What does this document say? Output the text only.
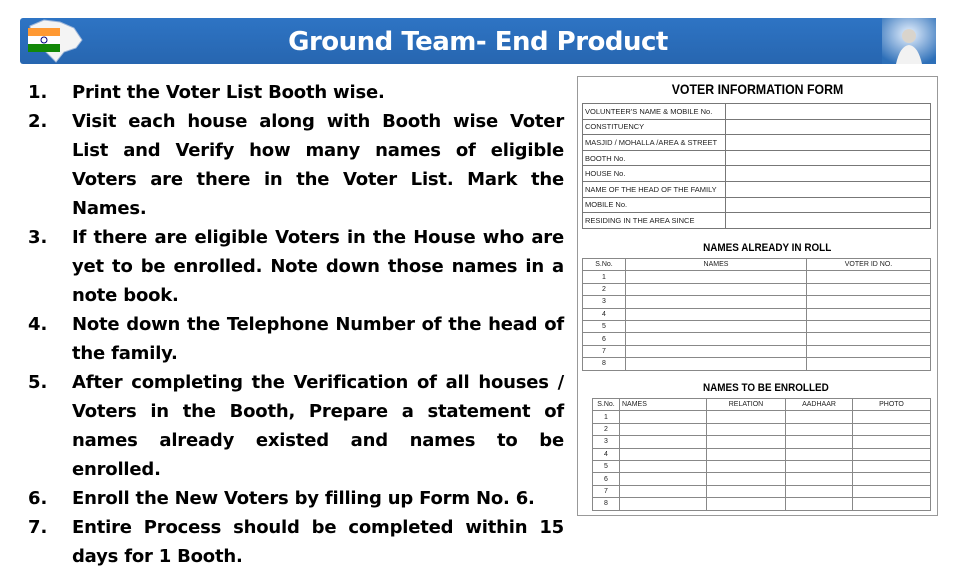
Ground Team- End Product
1. Print the Voter List Booth wise.
2. Visit each house along with Booth wise Voter List and Verify how many names of eligible Voters are there in the Voter List. Mark the Names.
3. If there are eligible Voters in the House who are yet to be enrolled. Note down those names in a note book.
4. Note down the Telephone Number of the head of the family.
5. After completing the Verification of all houses / Voters in the Booth, Prepare a statement of names already existed and names to be enrolled.
6. Enroll the New Voters by filling up Form No. 6.
7. Entire Process should be completed within 15 days for 1 Booth.
VOTER INFORMATION FORM
VOLUNTEER'S NAME & MOBILE No.	
CONSTITUENCY	
MASJID / MOHALLA /AREA & STREET	
BOOTH No.	
HOUSE No.	
NAME OF THE HEAD OF THE FAMILY	
MOBILE No.	
RESIDING IN THE AREA SINCE	
NAMES ALREADY IN ROLL
S.No.	NAMES	VOTER ID NO.
1		
2		
3		
4		
5		
6		
7		
8		
NAMES TO BE ENROLLED
S.No.	NAMES	RELATION	AADHAAR	PHOTO
1				
2				
3				
4				
5				
6				
7				
8				
